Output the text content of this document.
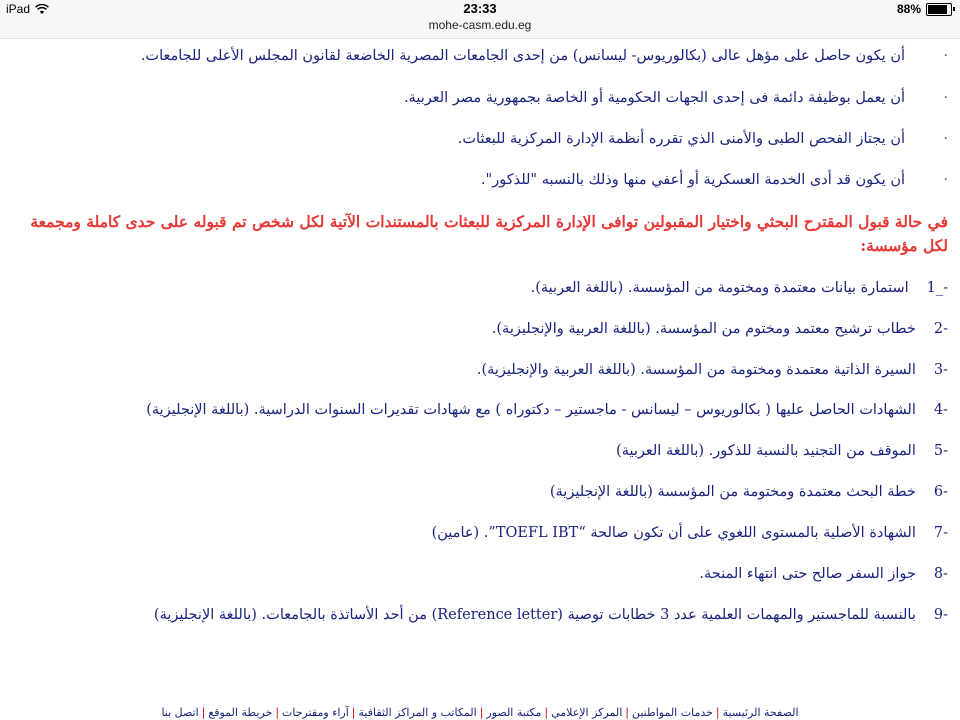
iPad	23:33
mohe-casm.edu.eg
88%
·
أن يكون حاصل على مؤهل عالى (بكالوريوس- ليسانس) من إحدى الجامعات المصرية الخاضعة لقانون المجلس الأعلى للجامعات.
·
أن يعمل بوظيفة دائمة فى إحدى الجهات الحكومية أو الخاصة بجمهورية مصر العربية.
·
أن يجتاز الفحص الطبى والأمنى الذي تقرره أنظمة الإدارة المركزية للبعثات.
·
أن يكون قد أدى الخدمة العسكرية أو أعفي منها وذلك بالنسبه "للذكور".
في حالة قبول المقترح البحثي واختيار المقبولين توافى الإدارة المركزية للبعثات بالمستندات الآتية لكل شخص تم قبوله على حدى كاملة ومجمعة لكل مؤسسة:
1_-استمارة بيانات معتمدة ومختومة من المؤسسة. (باللغة العربية).
2-خطاب ترشيح معتمد ومختوم من المؤسسة. (باللغة العربية والإنجليزية).
3-السيرة الذاتية معتمدة ومختومة من المؤسسة. (باللغة العربية والإنجليزية).
4-الشهادات الحاصل عليها ( بكالوريوس – ليسانس - ماجستير – دكتوراه ) مع شهادات تقديرات السنوات الدراسية. (باللغة الإنجليزية)
5-الموقف من التجنيد بالنسبة للذكور. (باللغة العربية)
6-خطة البحث معتمدة ومختومة من المؤسسة (باللغة الإنجليزية)
7-الشهادة الأصلية بالمستوى اللغوي على أن تكون صالحة “TOEFL IBT”. (عامين)
8-جواز السفر صالح حتى انتهاء المنحة.
9-بالنسبة للماجستير والمهمات العلمية عدد 3 خطابات توصية (Reference letter) من أحد الأساتذة بالجامعات. (باللغة الإنجليزية)
الصفحة الرئيسية|خدمات المواطنين|المركز الإعلامي|مكتبة الصور|المكاتب و المراكز الثقافية|آراء ومقترحات|خريطة الموقع|اتصل بنا
